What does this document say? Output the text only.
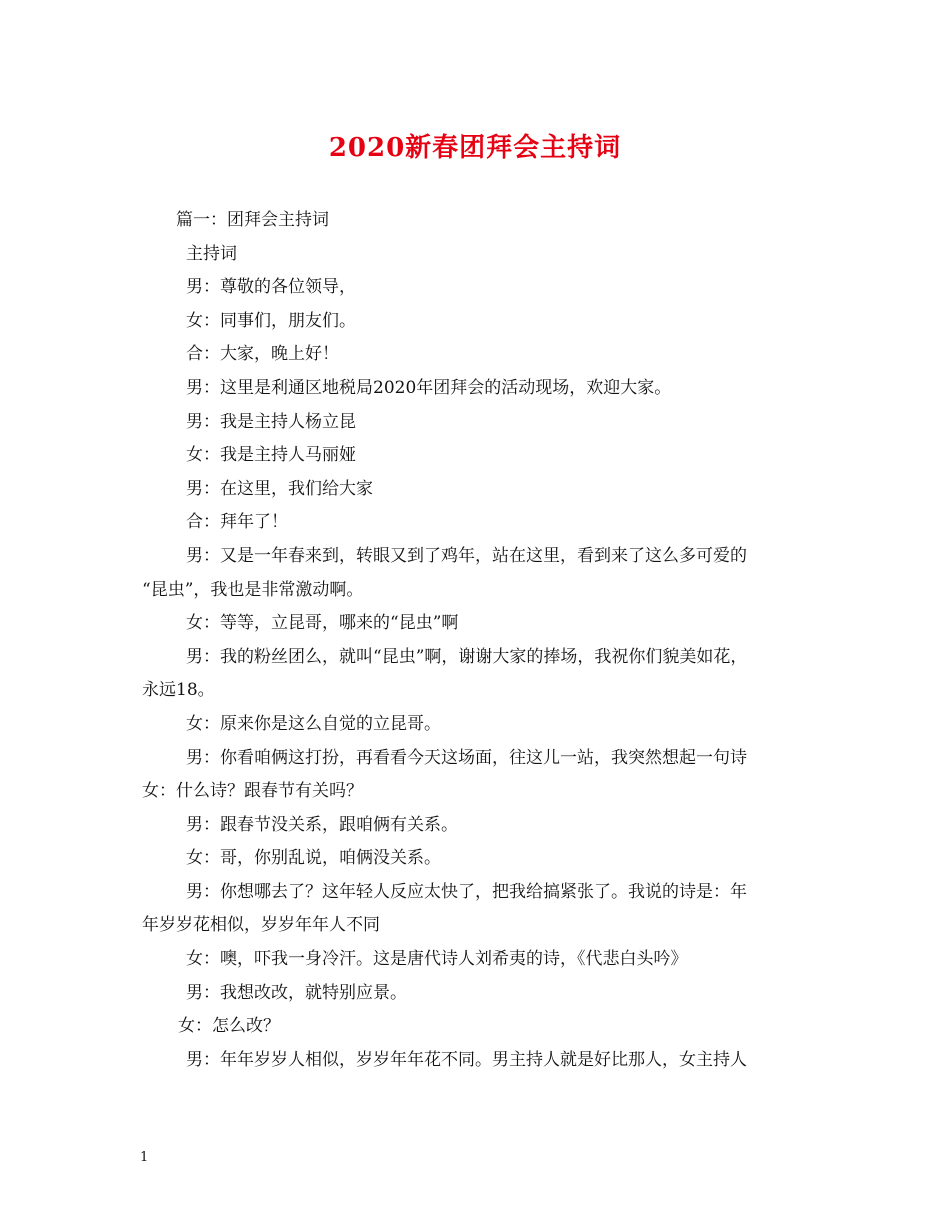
2020新春团拜会主持词
篇一：团拜会主持词
主持词
男：尊敬的各位领导，
女：同事们，朋友们。
合：大家，晚上好！
男：这里是利通区地税局2020年团拜会的活动现场，欢迎大家。
男：我是主持人杨立昆
女：我是主持人马丽娅
男：在这里，我们给大家
合：拜年了！
男：又是一年春来到，转眼又到了鸡年，站在这里，看到来了这么多可爱的
“昆虫”，我也是非常激动啊。
女：等等，立昆哥，哪来的“昆虫”啊
男：我的粉丝团么，就叫“昆虫”啊，谢谢大家的捧场，我祝你们貌美如花，
永远18。
女：原来你是这么自觉的立昆哥。
男：你看咱俩这打扮，再看看今天这场面，往这儿一站，我突然想起一句诗
女：什么诗？跟春节有关吗？
男：跟春节没关系，跟咱俩有关系。
女：哥，你别乱说，咱俩没关系。
男：你想哪去了？这年轻人反应太快了，把我给搞紧张了。我说的诗是：年
年岁岁花相似，岁岁年年人不同
女：噢，吓我一身冷汗。这是唐代诗人刘希夷的诗，《代悲白头吟》
男：我想改改，就特别应景。
女：怎么改？
男：年年岁岁人相似，岁岁年年花不同。男主持人就是好比那人，女主持人
1
